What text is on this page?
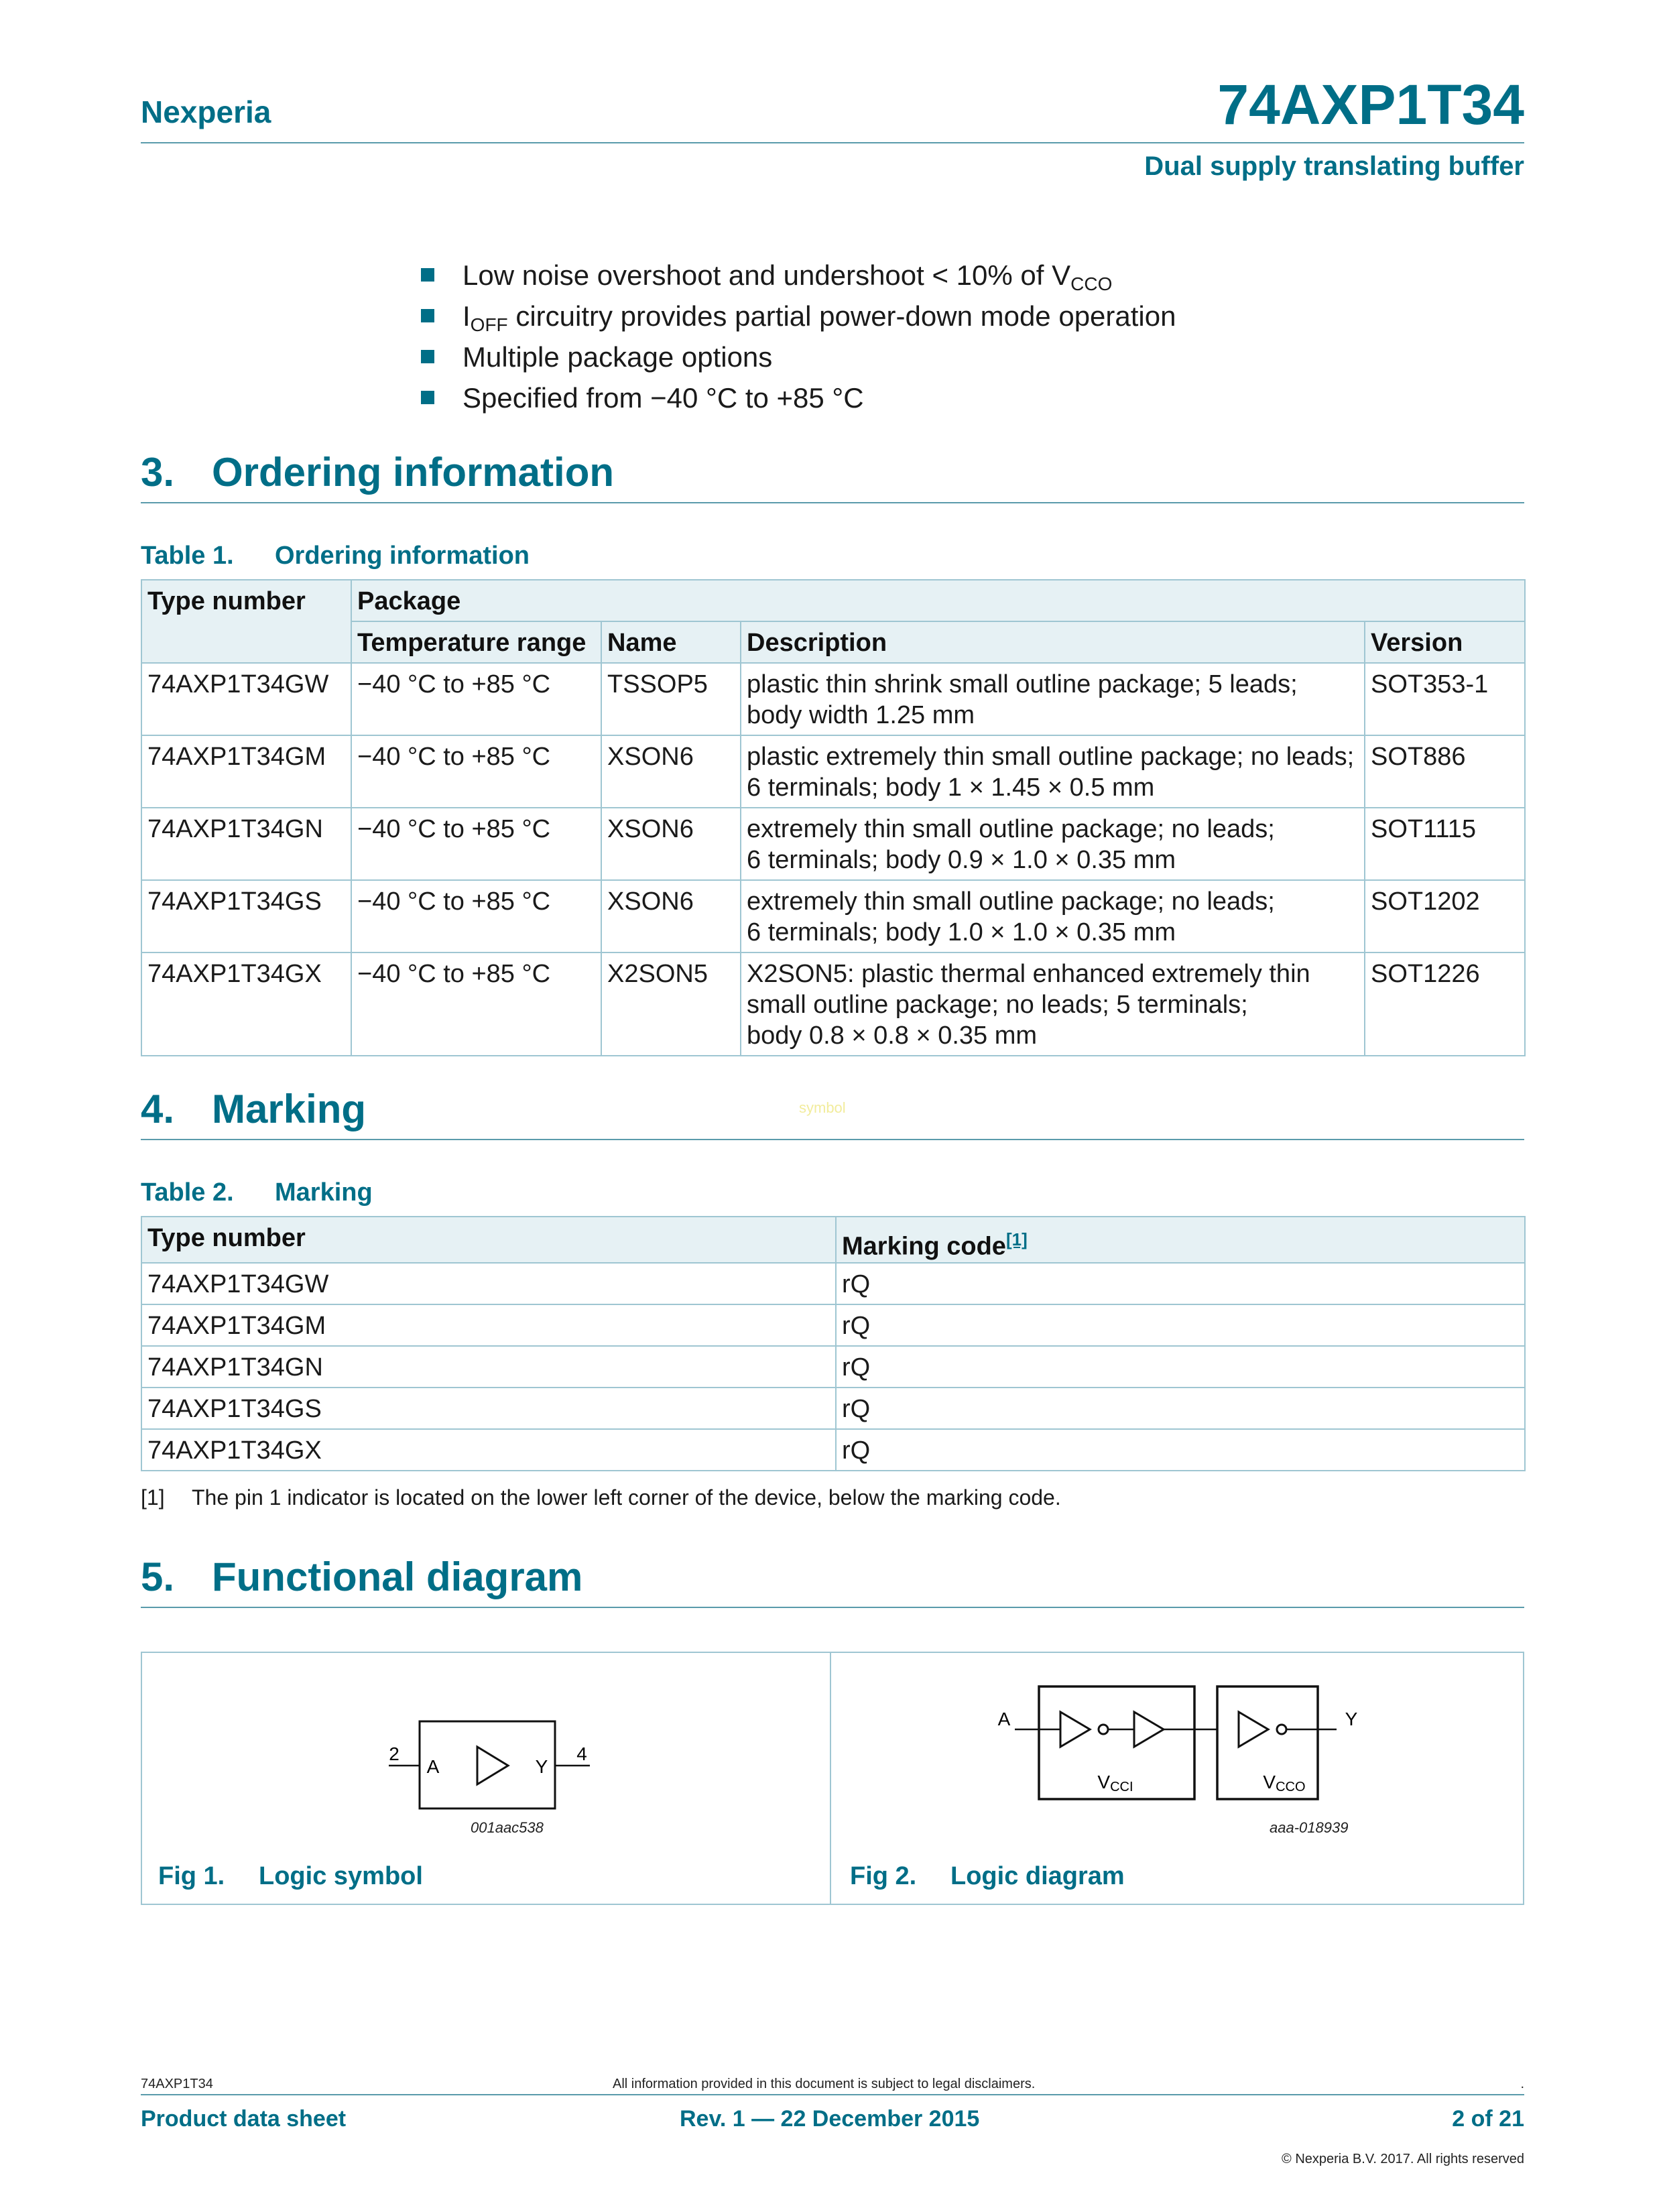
Nexperia	74AXP1T34
Dual supply translating buffer
Low noise overshoot and undershoot < 10% of $V_{CCO}$
$I_{OFF}$ circuitry provides partial power-down mode operation
Multiple package options
Specified from −40 °C to +85 °C
3. Ordering information
Table 1. Ordering information
Type number	Package			
	Temperature range	Name	Description	Version
74AXP1T34GW	−40 °C to +85 °C	TSSOP5	plastic thin shrink small outline package; 5 leads;
body width 1.25 mm	SOT353-1
74AXP1T34GM	−40 °C to +85 °C	XSON6	plastic extremely thin small outline package; no leads;
6 terminals; body 1 × 1.45 × 0.5 mm	SOT886
74AXP1T34GN	−40 °C to +85 °C	XSON6	extremely thin small outline package; no leads;
6 terminals; body 0.9 × 1.0 × 0.35 mm	SOT1115
74AXP1T34GS	−40 °C to +85 °C	XSON6	extremely thin small outline package; no leads;
6 terminals; body 1.0 × 1.0 × 0.35 mm	SOT1202
74AXP1T34GX	−40 °C to +85 °C	X2SON5	X2SON5: plastic thermal enhanced extremely thin
small outline package; no leads; 5 terminals;
body 0.8 × 0.8 × 0.35 mm	SOT1226
4. Marking	symbol
Table 2. Marking
Type number	Marking code[1]
74AXP1T34GW	rQ
74AXP1T34GM	rQ
74AXP1T34GN	rQ
74AXP1T34GS	rQ
74AXP1T34GX	rQ
[1] The pin 1 indicator is located on the lower left corner of the device, below the marking code.
5. Functional diagram
2
A	Y
4
001aac538
A
VCCI	VCCO
Y
aaa-018939
Fig 1. Logic symbol	Fig 2. Logic diagram
74AXP1T34	All information provided in this document is subject to legal disclaimers.	.
Product data sheet	Rev. 1 — 22 December 2015	2 of 21
© Nexperia B.V. 2017. All rights reserved
